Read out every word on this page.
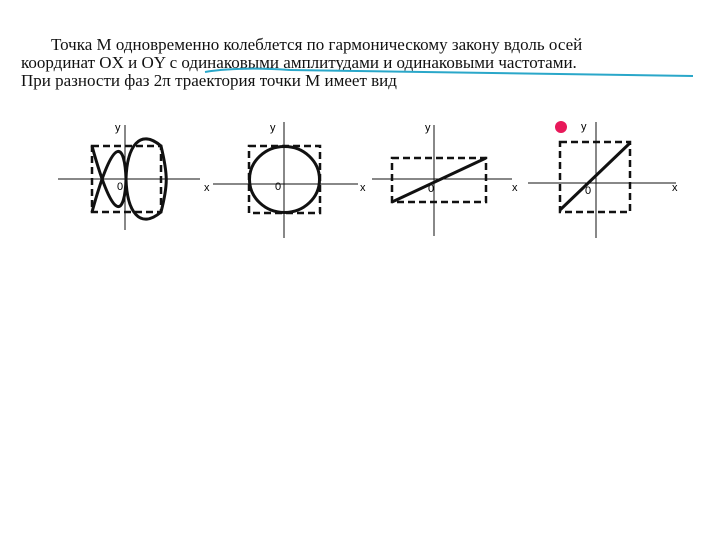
Точка М одновременно колеблется по гармоническому закону вдоль осей
координат OX и OY с одинаковыми амплитудами и одинаковыми частотами.
При разности фаз 2π траектория точки М имеет вид
x
y
0	x
y
0	x
y
0	x
y
0
